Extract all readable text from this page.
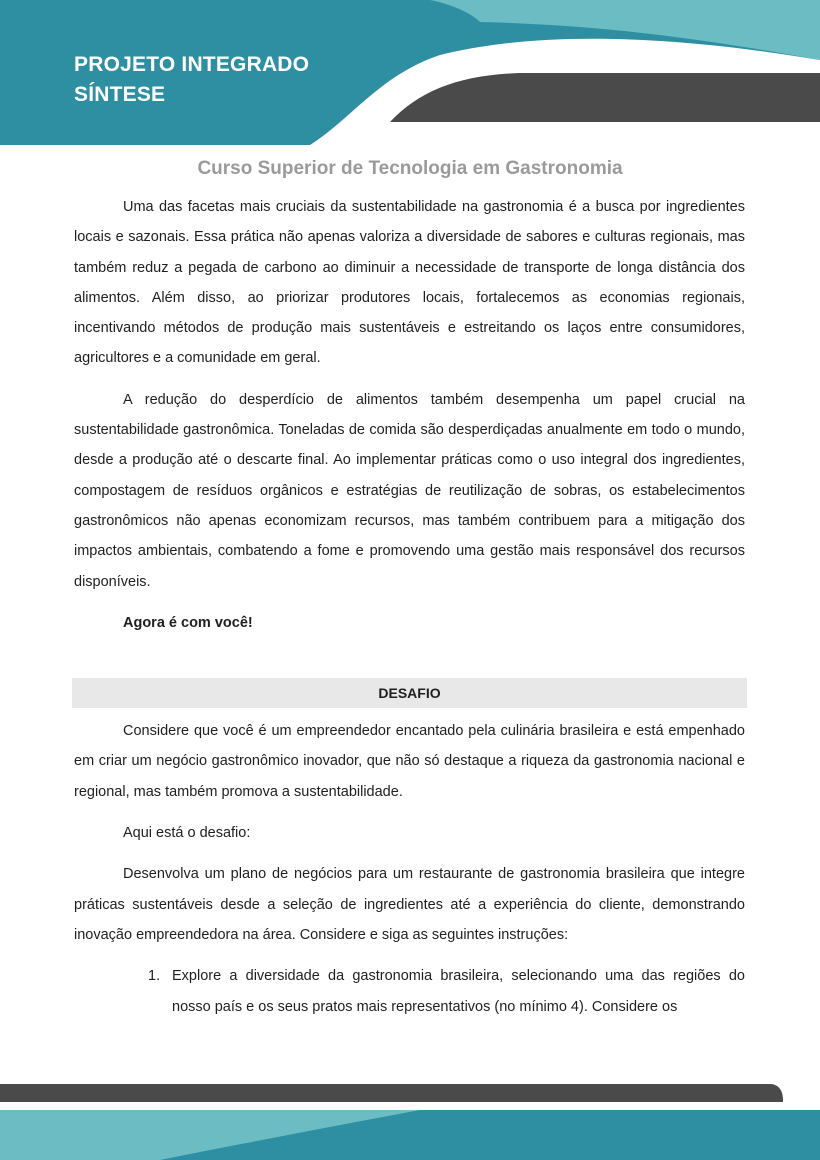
PROJETO INTEGRADO
SÍNTESE
Curso Superior de Tecnologia em Gastronomia

Uma das facetas mais cruciais da sustentabilidade na gastronomia é a busca por ingredientes locais e sazonais. Essa prática não apenas valoriza a diversidade de sabores e culturas regionais, mas também reduz a pegada de carbono ao diminuir a necessidade de transporte de longa distância dos alimentos. Além disso, ao priorizar produtores locais, fortalecemos as economias regionais, incentivando métodos de produção mais sustentáveis e estreitando os laços entre consumidores, agricultores e a comunidade em geral.

A redução do desperdício de alimentos também desempenha um papel crucial na sustentabilidade gastronômica. Toneladas de comida são desperdiçadas anualmente em todo o mundo, desde a produção até o descarte final. Ao implementar práticas como o uso integral dos ingredientes, compostagem de resíduos orgânicos e estratégias de reutilização de sobras, os estabelecimentos gastronômicos não apenas economizam recursos, mas também contribuem para a mitigação dos impactos ambientais, combatendo a fome e promovendo uma gestão mais responsável dos recursos disponíveis.

Agora é com você!

DESAFIO

Considere que você é um empreendedor encantado pela culinária brasileira e está empenhado em criar um negócio gastronômico inovador, que não só destaque a riqueza da gastronomia nacional e regional, mas também promova a sustentabilidade.

Aqui está o desafio:

Desenvolva um plano de negócios para um restaurante de gastronomia brasileira que integre práticas sustentáveis desde a seleção de ingredientes até a experiência do cliente, demonstrando inovação empreendedora na área. Considere e siga as seguintes instruções:

1. Explore a diversidade da gastronomia brasileira, selecionando uma das regiões do nosso país e os seus pratos mais representativos (no mínimo 4). Considere os
